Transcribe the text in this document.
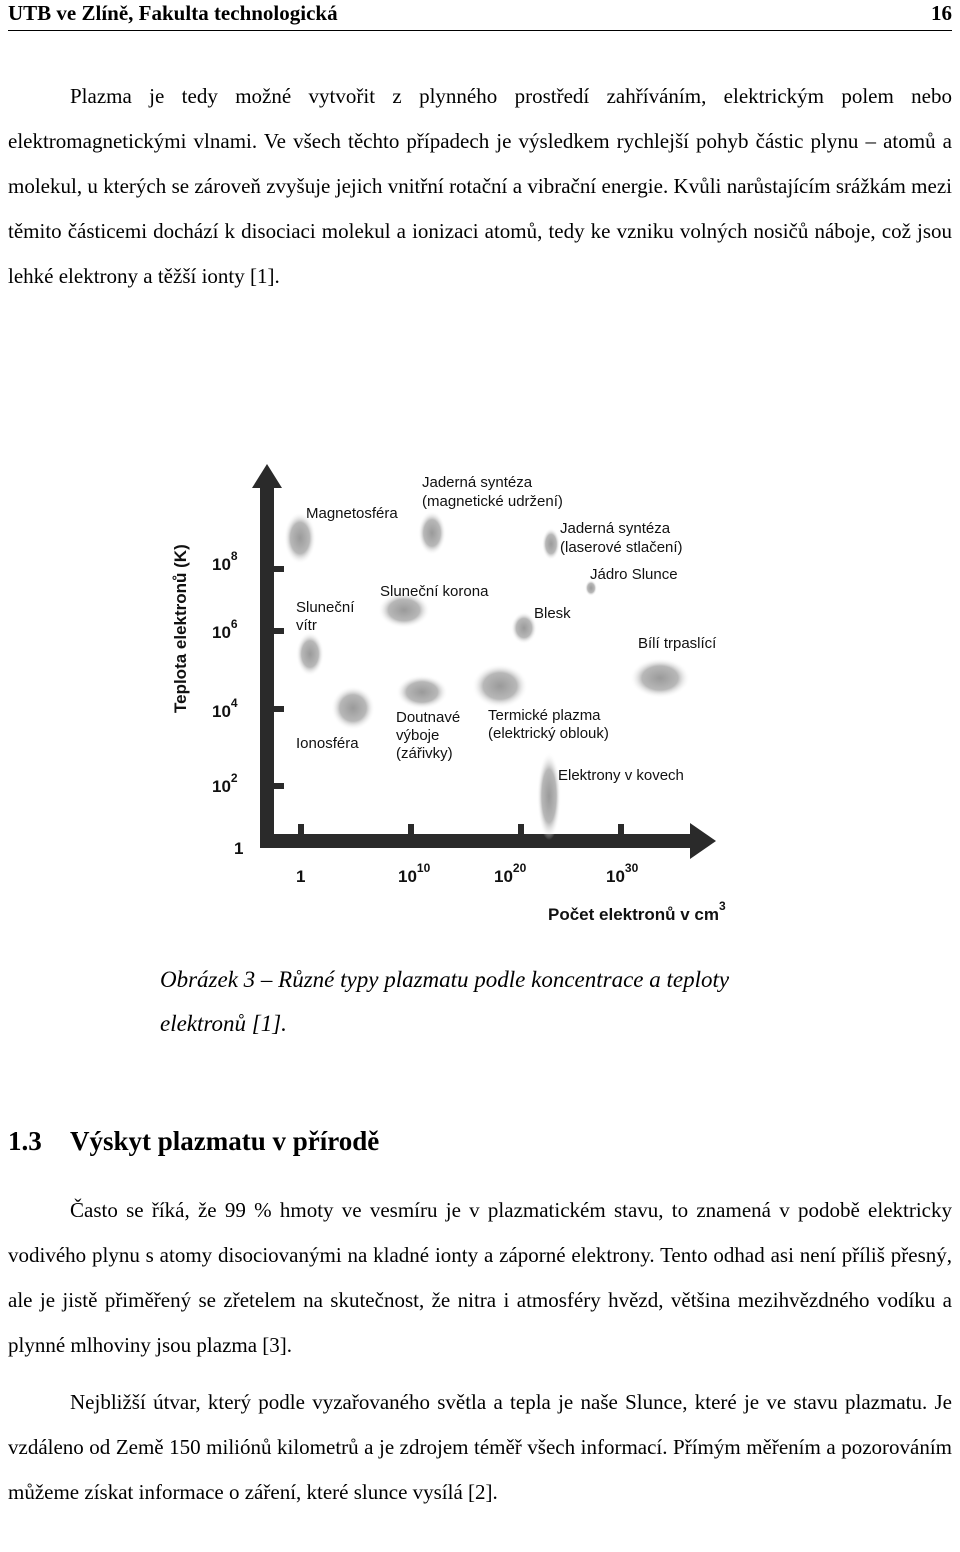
UTB ve Zlíně, Fakulta technologická	16
Plazma je tedy možné vytvořit z plynného prostředí zahříváním, elektrickým polem nebo elektromagnetickými vlnami. Ve všech těchto případech je výsledkem rychlejší pohyb částic plynu – atomů a molekul, u kterých se zároveň zvyšuje jejich vnitřní rotační a vibrační energie. Kvůli narůstajícím srážkám mezi těmito částicemi dochází k disociaci molekul a ionizaci atomů, tedy ke vzniku volných nosičů náboje, což jsou lehké elektrony a těžší ionty [1].
Teplota elektronů (K) $10^8$
$10^6$
$10^4$
$10^2$
1
1	$10^{10}$	$10^{20}$	$10^{30}$
Počet elektronů v $cm^3$
Magnetosféra
Jaderná syntéza
(magnetické udržení)
Jaderná syntéza
(laserové stlačení)
Jádro Slunce
Sluneční korona
Sluneční
vítr
Blesk
Bílí trpaslící
Doutnavé
výboje
(zářivky)
Termické plazma
(elektrický oblouk)
Ionosféra
Elektrony v kovech
Obrázek 3 – Různé typy plazmatu podle koncentrace a teploty
elektronů [1].
1.3 Výskyt plazmatu v přírodě
Často se říká, že 99 % hmoty ve vesmíru je v plazmatickém stavu, to znamená v podobě elektricky vodivého plynu s atomy disociovanými na kladné ionty a záporné elektrony. Tento odhad asi není příliš přesný, ale je jistě přiměřený se zřetelem na skutečnost, že nitra i atmosféry hvězd, většina mezihvězdného vodíku a plynné mlhoviny jsou plazma [3].
Nejbližší útvar, který podle vyzařovaného světla a tepla je naše Slunce, které je ve stavu plazmatu. Je vzdáleno od Země 150 miliónů kilometrů a je zdrojem téměř všech informací. Přímým měřením a pozorováním můžeme získat informace o záření, které slunce vysílá [2].
